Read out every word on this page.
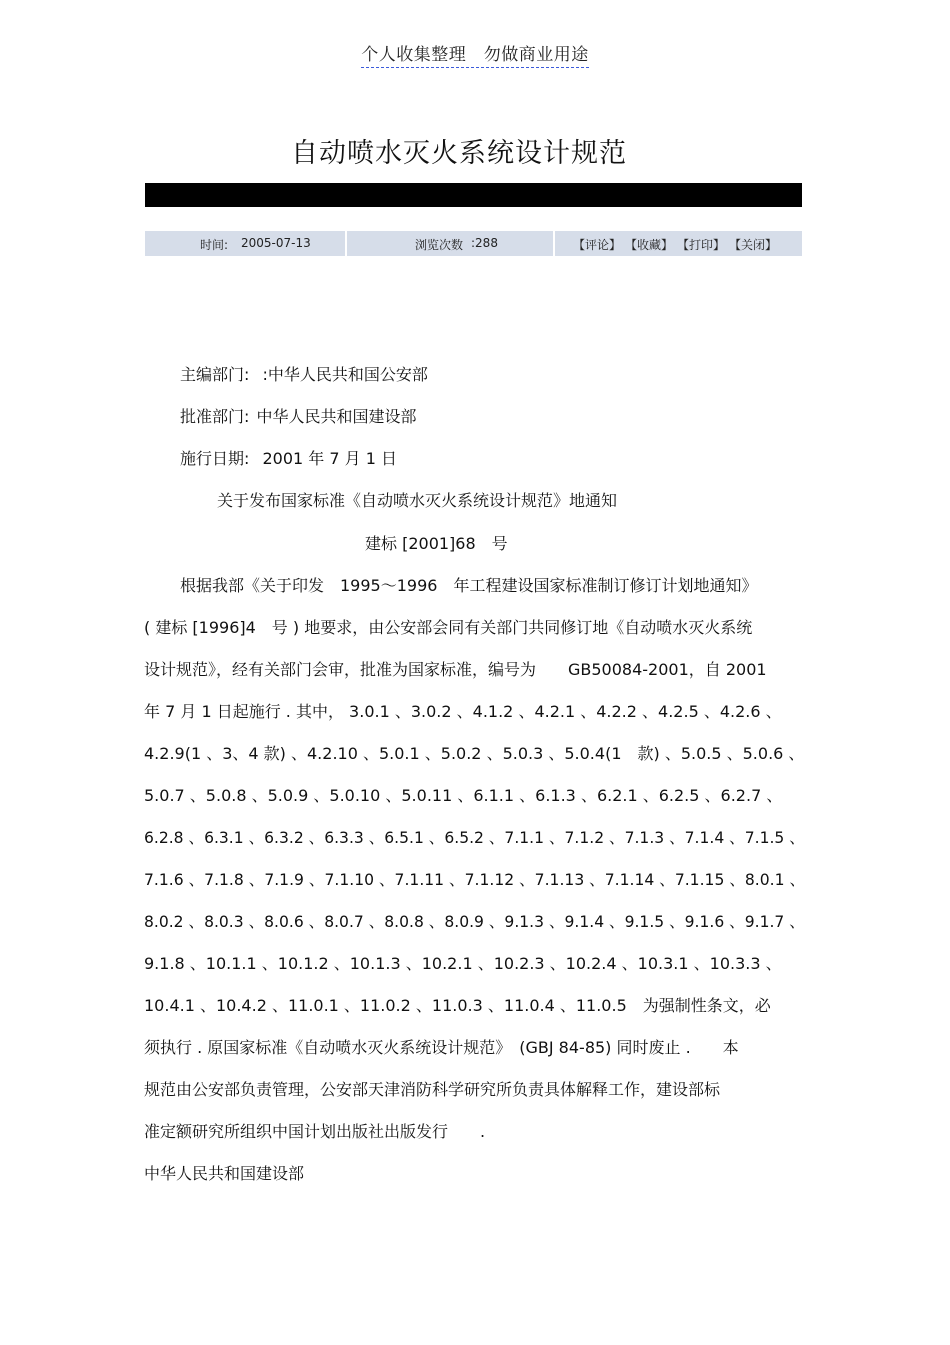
个人收集整理　勿做商业用途
自动喷水灭火系统设计规范
时间: 2005-07-13	浏览次数 :288	【评论】 【收藏】 【打印】 【关闭】
主编部门: :中华人民共和国公安部
批准部门: 中华人民共和国建设部
施行日期: 2001 年 7 月 1 日
关于发布国家标准《自动喷水灭火系统设计规范》地通知
建标 [2001]68　号
根据我部《关于印发　1995～1996　年工程建设国家标准制订修订计划地通知》
( 建标 [1996]4　号 ) 地要求，由公安部会同有关部门共同修订地《自动喷水灭火系统
设计规范》，经有关部门会审，批准为国家标准，编号为　　GB50084-2001，自 2001
年 7 月 1 日起施行 . 其中， 3.0.1 、3.0.2 、4.1.2 、4.2.1 、4.2.2 、4.2.5 、4.2.6 、
4.2.9(1 、3、4 款) 、4.2.10 、5.0.1 、5.0.2 、5.0.3 、5.0.4(1　款) 、5.0.5 、5.0.6 、
5.0.7 、5.0.8 、5.0.9 、5.0.10 、5.0.11 、6.1.1 、6.1.3 、6.2.1 、6.2.5 、6.2.7 、
6.2.8 、6.3.1 、6.3.2 、6.3.3 、6.5.1 、6.5.2 、7.1.1 、7.1.2 、7.1.3 、7.1.4 、7.1.5 、
7.1.6 、7.1.8 、7.1.9 、7.1.10 、7.1.11 、7.1.12 、7.1.13 、7.1.14 、7.1.15 、8.0.1 、
8.0.2 、8.0.3 、8.0.6 、8.0.7 、8.0.8 、8.0.9 、9.1.3 、9.1.4 、9.1.5 、9.1.6 、9.1.7 、
9.1.8 、10.1.1 、10.1.2 、10.1.3 、10.2.1 、10.2.3 、10.2.4 、10.3.1 、10.3.3 、
10.4.1 、10.4.2 、11.0.1 、11.0.2 、11.0.3 、11.0.4 、11.0.5　为强制性条文，必
须执行 . 原国家标准《自动喷水灭火系统设计规范》　(GBJ 84-85) 同时废止 .　　本
规范由公安部负责管理，公安部天津消防科学研究所负责具体解释工作，建设部标
准定额研究所组织中国计划出版社出版发行　　.
中华人民共和国建设部
